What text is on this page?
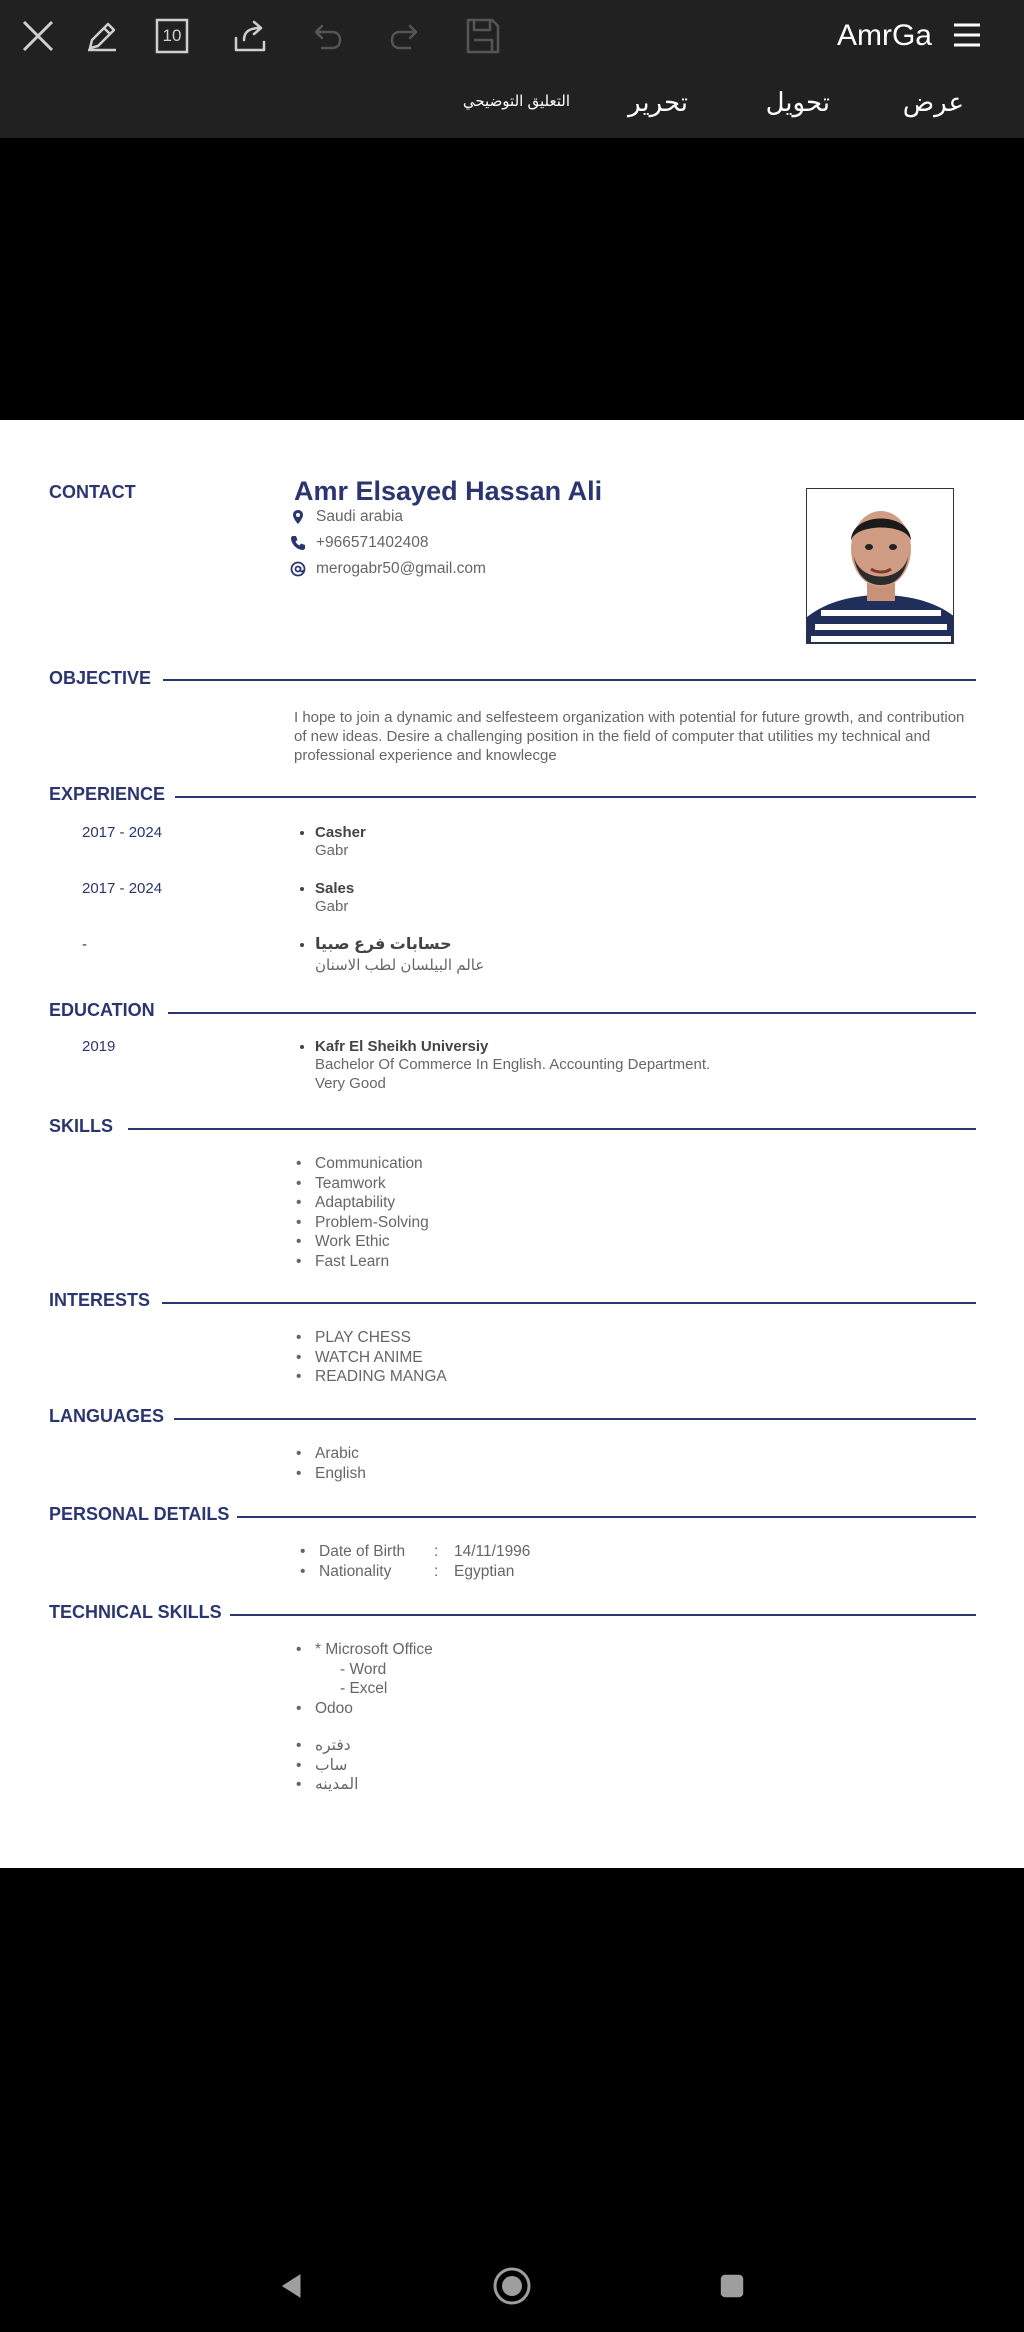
10	AmrGa
عرض
تحويل
تحرير
التعليق التوضيحي
CONTACT	Amr Elsayed Hassan Ali
Saudi arabia
+966571402408
merogabr50@gmail.com
OBJECTIVE
I hope to join a dynamic and selfesteem organization with potential for future growth, and contribution of new ideas. Desire a challenging position in the field of computer that utilities my technical and professional experience and knowlecge
EXPERIENCE
2017 - 2024	Casher
Gabr
2017 - 2024	Sales
Gabr
-	حسابات فرع صبيا
عالم البيلسان لطب الاسنان
EDUCATION
2019	Kafr El Sheikh Universiy
Bachelor Of Commerce In English. Accounting Department.
Very Good
SKILLS
• Communication
• Teamwork
• Adaptability
• Problem-Solving
• Work Ethic
• Fast Learn
INTERESTS
• PLAY CHESS
• WATCH ANIME
• READING MANGA
LANGUAGES
• Arabic
• English
PERSONAL DETAILS
• Date of Birth	:	14/11/1996
• Nationality	:	Egyptian
TECHNICAL SKILLS
• * Microsoft Office
- Word
- Excel
• Odoo
• دفتره
• ساب
• المدينه
